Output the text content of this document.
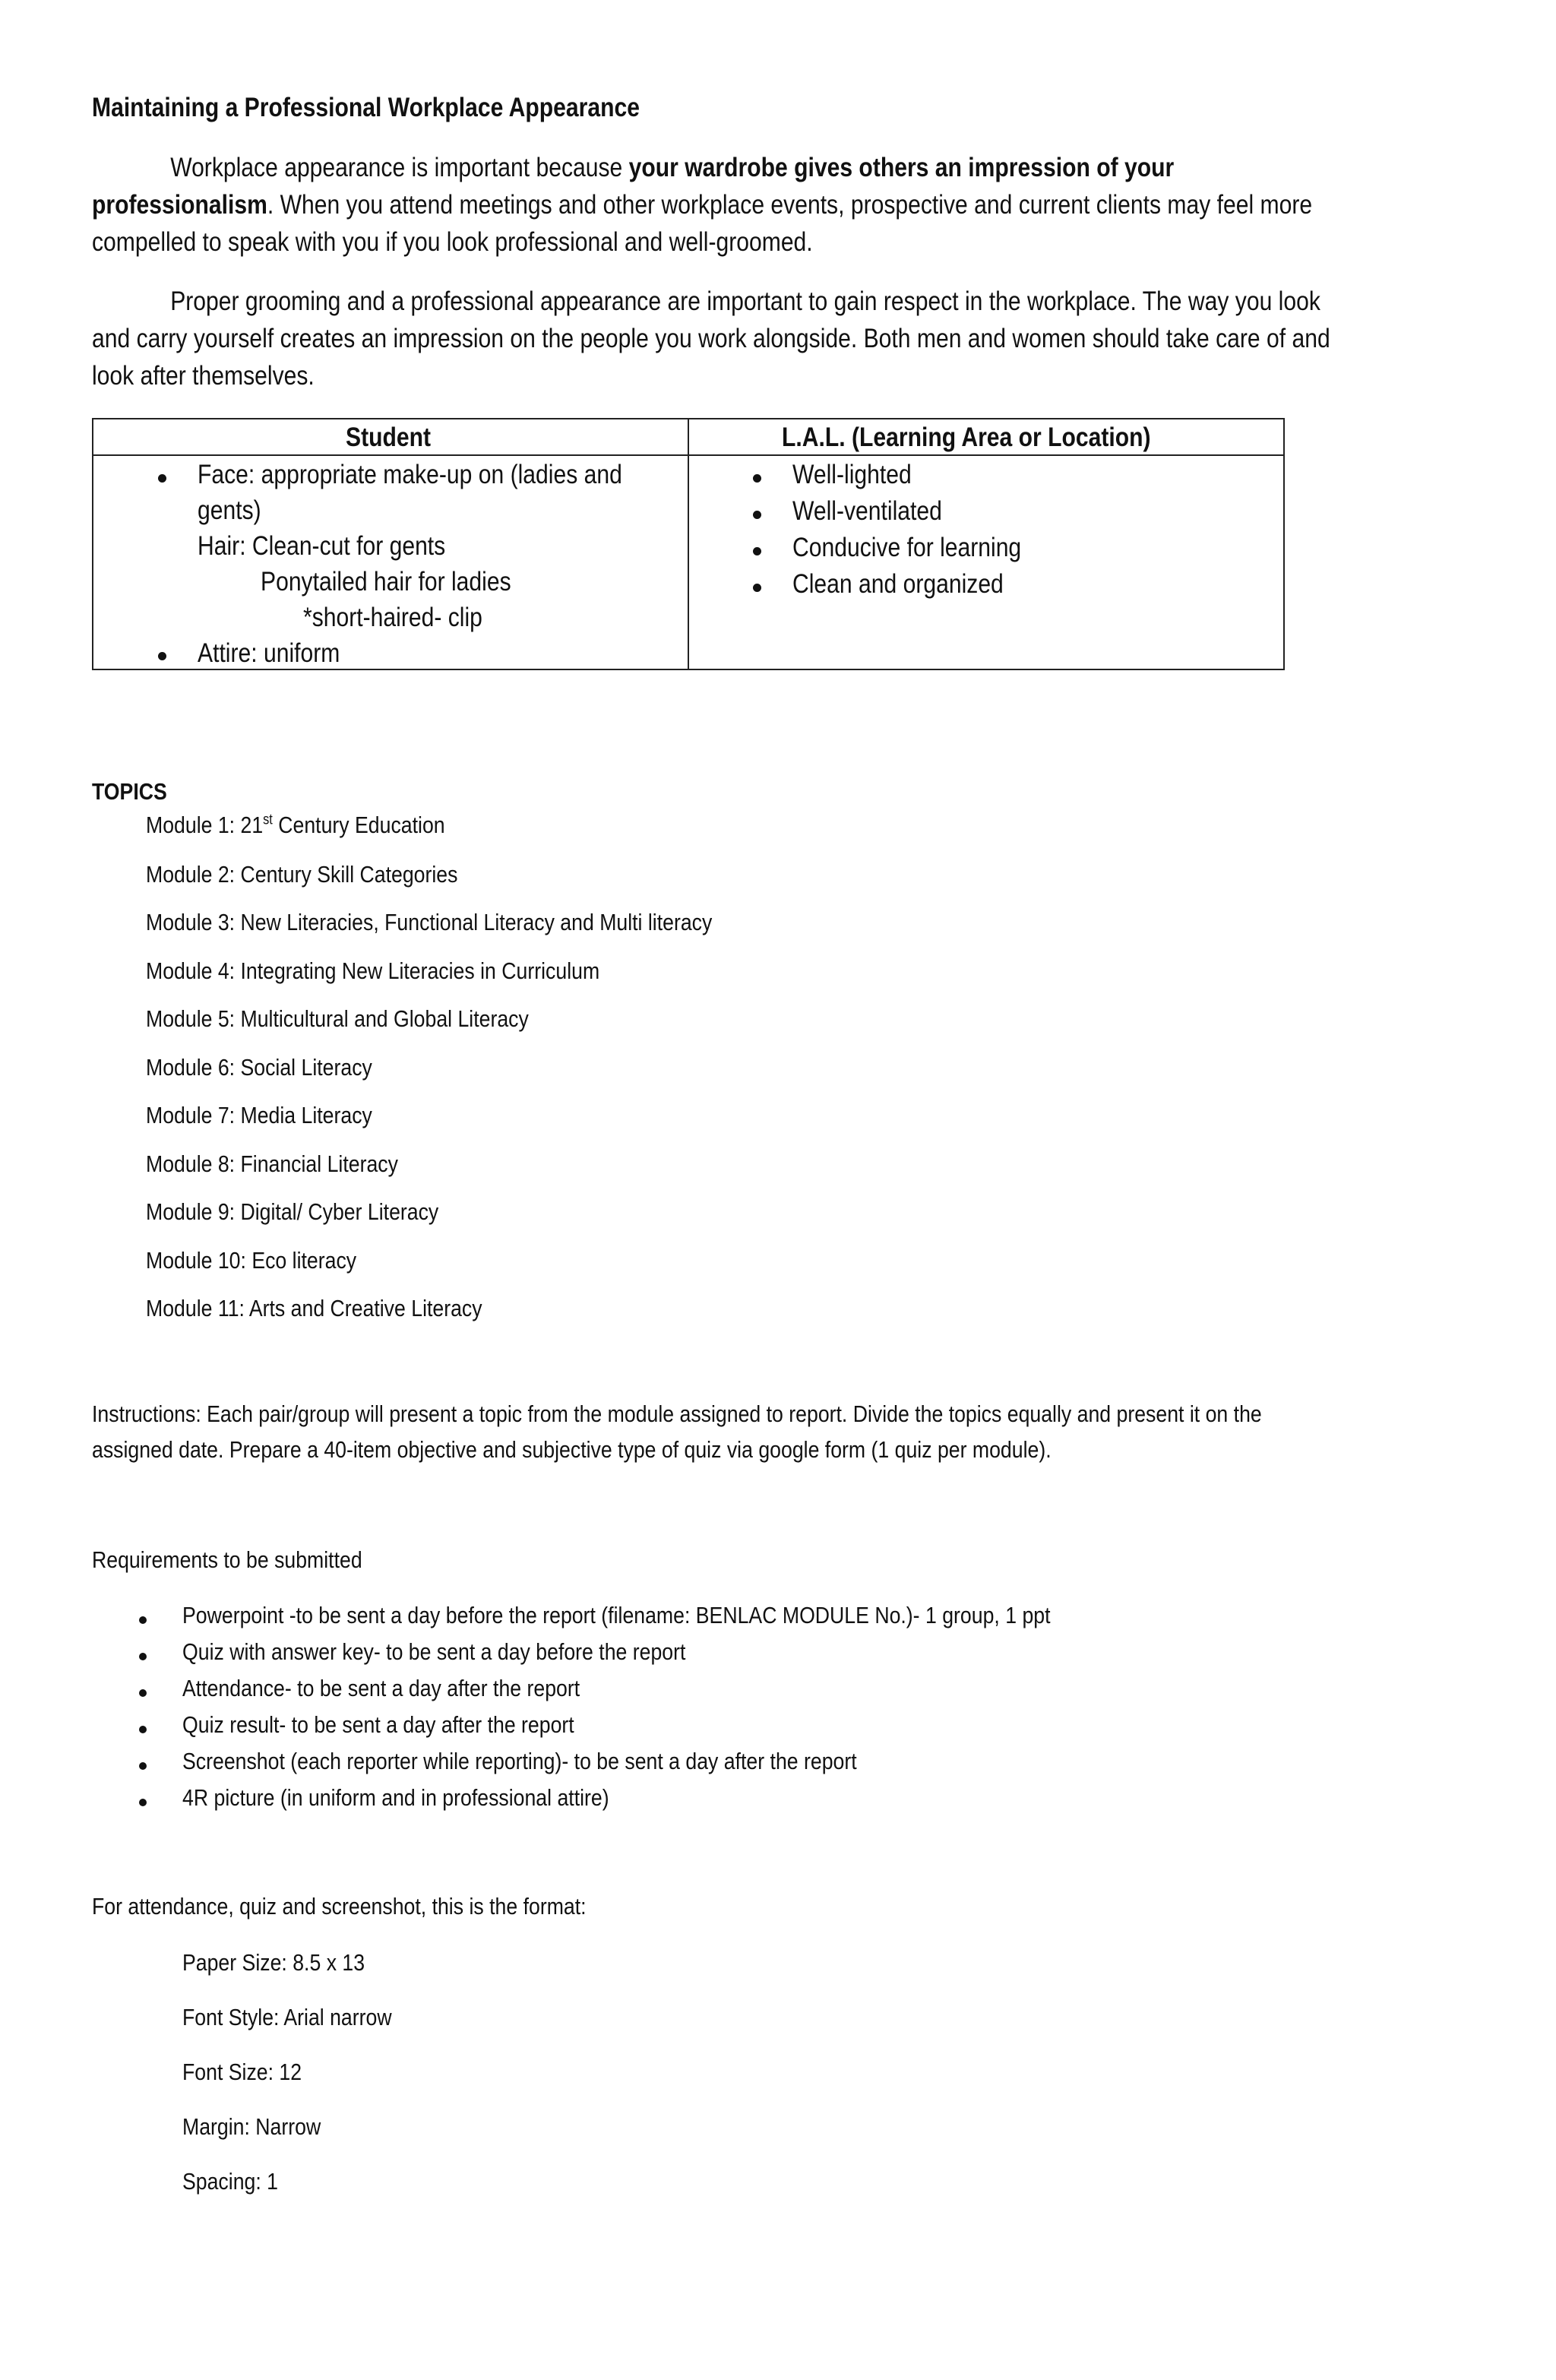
Maintaining a Professional Workplace Appearance
Workplace appearance is important because your wardrobe gives others an impression of your
professionalism. When you attend meetings and other workplace events, prospective and current clients may feel more
compelled to speak with you if you look professional and well-groomed.
Proper grooming and a professional appearance are important to gain respect in the workplace. The way you look
and carry yourself creates an impression on the people you work alongside. Both men and women should take care of and
look after themselves.
Student	L.A.L. (Learning Area or Location)
Face: appropriate make-up on (ladies and
gents)
Hair: Clean-cut for gents
Ponytailed hair for ladies
*short-haired- clip
Attire: uniform
Well-lighted
Well-ventilated
Conducive for learning
Clean and organized
TOPICS
Module 1: 21st Century Education
Module 2: Century Skill Categories
Module 3: New Literacies, Functional Literacy and Multi literacy
Module 4: Integrating New Literacies in Curriculum
Module 5: Multicultural and Global Literacy
Module 6: Social Literacy
Module 7: Media Literacy
Module 8: Financial Literacy
Module 9: Digital/ Cyber Literacy
Module 10: Eco literacy
Module 11: Arts and Creative Literacy
Instructions: Each pair/group will present a topic from the module assigned to report. Divide the topics equally and present it on the
assigned date. Prepare a 40-item objective and subjective type of quiz via google form (1 quiz per module).
Requirements to be submitted
Powerpoint -to be sent a day before the report (filename: BENLAC MODULE No.)- 1 group, 1 ppt
Quiz with answer key- to be sent a day before the report
Attendance- to be sent a day after the report
Quiz result- to be sent a day after the report
Screenshot (each reporter while reporting)- to be sent a day after the report
4R picture (in uniform and in professional attire)
For attendance, quiz and screenshot, this is the format:
Paper Size: 8.5 x 13
Font Style: Arial narrow
Font Size: 12
Margin: Narrow
Spacing: 1
